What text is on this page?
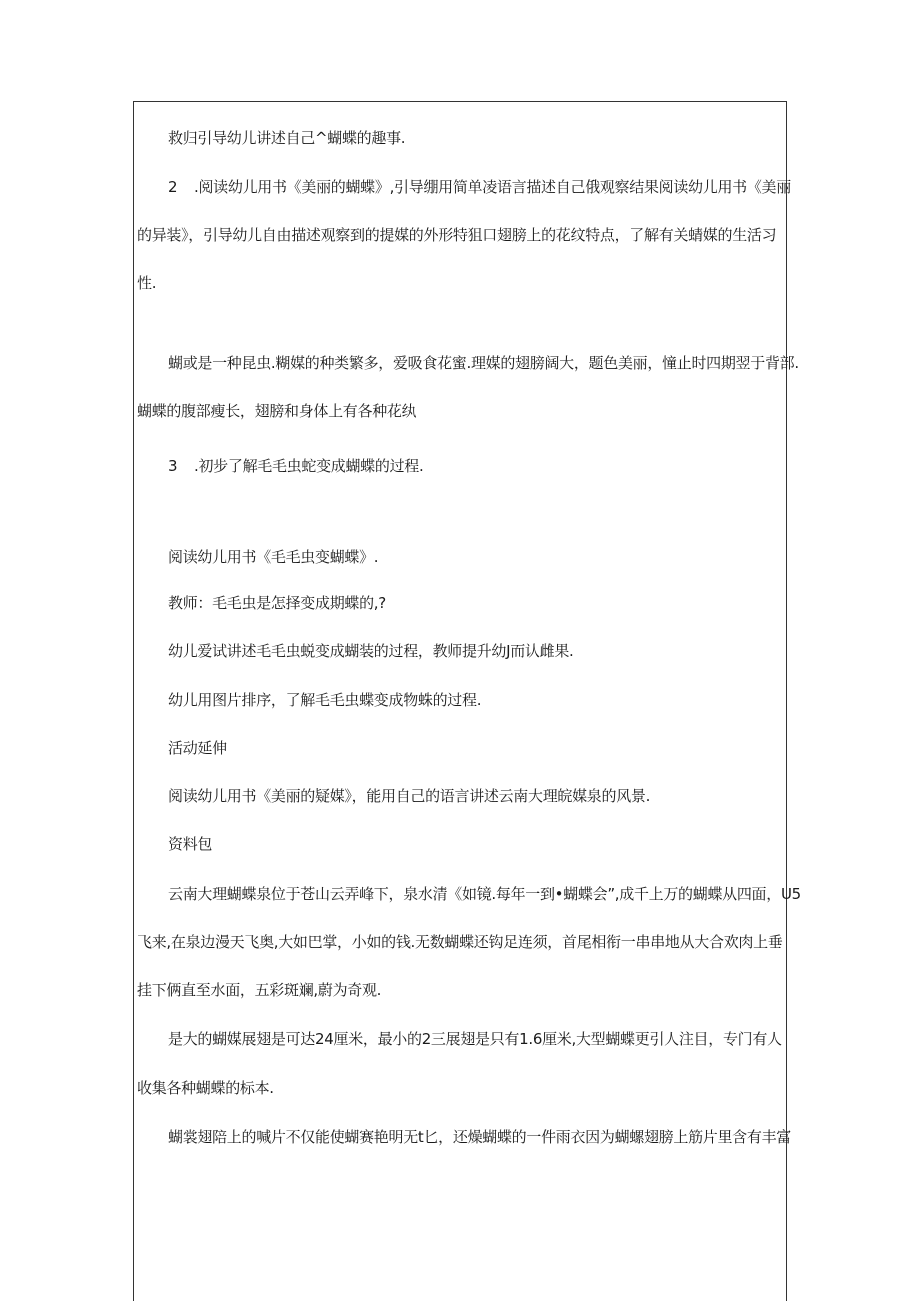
救归引导幼儿讲述自己^蝴蝶的趣事.
2 .阅读幼儿用书《美丽的蝴蝶》,引导绷用简单凌语言描述自己俄观察结果阅读幼儿用书《美丽
的异装》，引导幼儿自由描述观察到的提媒的外形特狙口翅膀上的花纹特点，了解有关蜻媒的生活习
性.
蝴或是一种昆虫.糊媒的种类繁多，爱吸食花蜜.理媒的翅膀阔大，题色美丽，憧止时四期翌于背部.
蝴蝶的腹部瘦长，翅膀和身体上有各种花纨
3 .初步了解毛毛虫蛇变成蝴蝶的过程.
阅读幼儿用书《毛毛虫变蝴蝶》.
教师：毛毛虫是怎择变成期蝶的,?
幼儿爱试讲述毛毛虫蜕变成蝴装的过程，教师提升幼J而认雌果.
幼儿用图片排序，了解毛毛虫蝶变成物蛛的过程.
活动延伸
阅读幼儿用书《美丽的疑媒》，能用自己的语言讲述云南大理皖媒泉的风景.
资料包
云南大理蝴蝶泉位于苍山云弄峰下，泉水清《如镜.每年一到•蝴蝶会”,成千上万的蝴蝶从四面，U5
飞来,在泉边漫天飞奥,大如巴掌，小如的钱.无数蝴蝶还钩足连须，首尾相衔一串串地从大合欢肉上垂
挂下俩直至水面，五彩斑斓,蔚为奇观.
是大的蝴媒展翅是可达24厘米，最小的2三展翅是只有1.6厘米,大型蝴蝶更引人注目，专门有人
收集各种蝴蝶的标本.
蝴裳翅陪上的喊片不仅能使蝴赛艳明无t匕，还燥蝴蝶的一件雨衣因为蝴螺翅膀上筋片里含有丰富
